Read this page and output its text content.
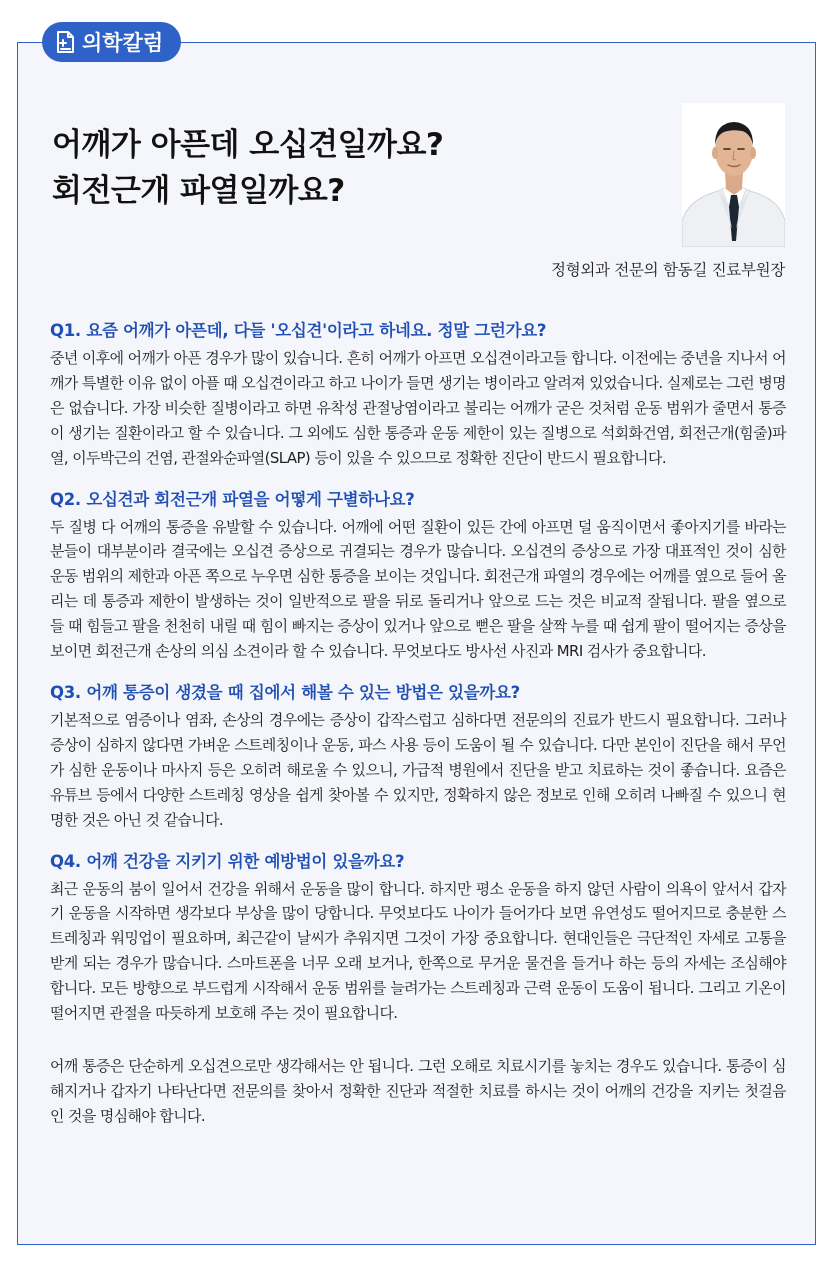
의학칼럼
어깨가 아픈데 오십견일까요?
회전근개 파열일까요?
정형외과 전문의 함동길 진료부원장

Q1. 요즘 어깨가 아픈데, 다들 '오십견'이라고 하네요. 정말 그런가요?

중년 이후에 어깨가 아픈 경우가 많이 있습니다. 흔히 어깨가 아프면 오십견이라고들 합니다. 이전에는 중년을 지나서 어깨가 특별한 이유 없이 아플 때 오십견이라고 하고 나이가 들면 생기는 병이라고 알려져 있었습니다. 실제로는 그런 병명은 없습니다. 가장 비슷한 질병이라고 하면 유착성 관절낭염이라고 불리는 어깨가 굳은 것처럼 운동 범위가 줄면서 통증이 생기는 질환이라고 할 수 있습니다. 그 외에도 심한 통증과 운동 제한이 있는 질병으로 석회화건염, 회전근개(힘줄)파열, 이두박근의 건염, 관절와순파열(SLAP) 등이 있을 수 있으므로 정확한 진단이 반드시 필요합니다.

Q2. 오십견과 회전근개 파열을 어떻게 구별하나요?

두 질병 다 어깨의 통증을 유발할 수 있습니다. 어깨에 어떤 질환이 있든 간에 아프면 덜 움직이면서 좋아지기를 바라는 분들이 대부분이라 결국에는 오십견 증상으로 귀결되는 경우가 많습니다. 오십견의 증상으로 가장 대표적인 것이 심한 운동 범위의 제한과 아픈 쪽으로 누우면 심한 통증을 보이는 것입니다. 회전근개 파열의 경우에는 어깨를 옆으로 들어 올리는 데 통증과 제한이 발생하는 것이 일반적으로 팔을 뒤로 돌리거나 앞으로 드는 것은 비교적 잘됩니다. 팔을 옆으로 들 때 힘들고 팔을 천천히 내릴 때 힘이 빠지는 증상이 있거나 앞으로 뻗은 팔을 살짝 누를 때 쉽게 팔이 떨어지는 증상을 보이면 회전근개 손상의 의심 소견이라 할 수 있습니다. 무엇보다도 방사선 사진과 MRI 검사가 중요합니다.

Q3. 어깨 통증이 생겼을 때 집에서 해볼 수 있는 방법은 있을까요?

기본적으로 염증이나 염좌, 손상의 경우에는 증상이 갑작스럽고 심하다면 전문의의 진료가 반드시 필요합니다. 그러나 증상이 심하지 않다면 가벼운 스트레칭이나 운동, 파스 사용 등이 도움이 될 수 있습니다. 다만 본인이 진단을 해서 무언가 심한 운동이나 마사지 등은 오히려 해로울 수 있으니, 가급적 병원에서 진단을 받고 치료하는 것이 좋습니다. 요즘은 유튜브 등에서 다양한 스트레칭 영상을 쉽게 찾아볼 수 있지만, 정확하지 않은 정보로 인해 오히려 나빠질 수 있으니 현명한 것은 아닌 것 같습니다.

Q4. 어깨 건강을 지키기 위한 예방법이 있을까요?

최근 운동의 붐이 일어서 건강을 위해서 운동을 많이 합니다. 하지만 평소 운동을 하지 않던 사람이 의욕이 앞서서 갑자기 운동을 시작하면 생각보다 부상을 많이 당합니다. 무엇보다도 나이가 들어가다 보면 유연성도 떨어지므로 충분한 스트레칭과 워밍업이 필요하며, 최근같이 날씨가 추워지면 그것이 가장 중요합니다. 현대인들은 극단적인 자세로 고통을 받게 되는 경우가 많습니다. 스마트폰을 너무 오래 보거나, 한쪽으로 무거운 물건을 들거나 하는 등의 자세는 조심해야 합니다. 모든 방향으로 부드럽게 시작해서 운동 범위를 늘려가는 스트레칭과 근력 운동이 도움이 됩니다. 그리고 기온이 떨어지면 관절을 따듯하게 보호해 주는 것이 필요합니다.

어깨 통증은 단순하게 오십견으로만 생각해서는 안 됩니다. 그런 오해로 치료시기를 놓치는 경우도 있습니다. 통증이 심해지거나 갑자기 나타난다면 전문의를 찾아서 정확한 진단과 적절한 치료를 하시는 것이 어깨의 건강을 지키는 첫걸음인 것을 명심해야 합니다.
